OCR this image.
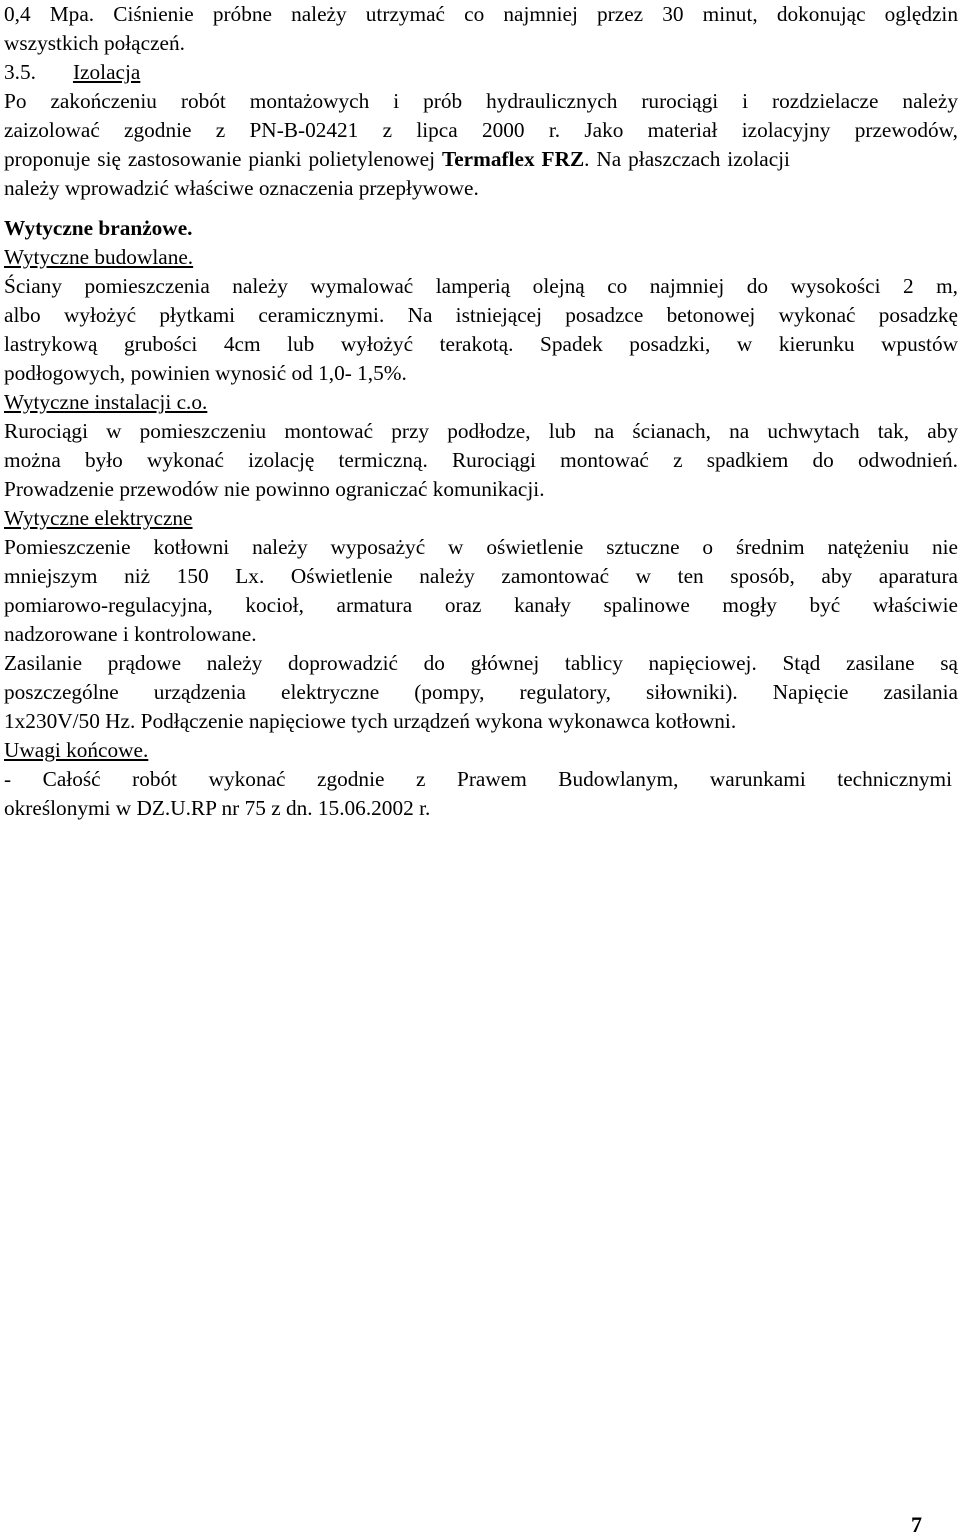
0,4 Mpa. Ciśnienie próbne należy utrzymać co najmniej przez 30 minut, dokonując oględzin
wszystkich połączeń.
3.5. Izolacja
Po zakończeniu robót montażowych i prób hydraulicznych rurociągi i rozdzielacze należy
zaizolować zgodnie z PN-B-02421 z lipca 2000 r. Jako materiał izolacyjny przewodów,
proponuje się zastosowanie pianki polietylenowej Termaflex FRZ. Na płaszczach izolacji
należy wprowadzić właściwe oznaczenia przepływowe.
Wytyczne branżowe.
Wytyczne budowlane.
Ściany pomieszczenia należy wymalować lamperią olejną co najmniej do wysokości 2 m,
albo wyłożyć płytkami ceramicznymi. Na istniejącej posadzce betonowej wykonać posadzkę
lastrykową grubości 4cm lub wyłożyć terakotą. Spadek posadzki, w kierunku wpustów
podłogowych, powinien wynosić od 1,0- 1,5%.
Wytyczne instalacji c.o.
Rurociągi w pomieszczeniu montować przy podłodze, lub na ścianach, na uchwytach tak, aby
można było wykonać izolację termiczną. Rurociągi montować z spadkiem do odwodnień.
Prowadzenie przewodów nie powinno ograniczać komunikacji.
Wytyczne elektryczne
Pomieszczenie kotłowni należy wyposażyć w oświetlenie sztuczne o średnim natężeniu nie
mniejszym niż 150 Lx. Oświetlenie należy zamontować w ten sposób, aby aparatura
pomiarowo-regulacyjna, kocioł, armatura oraz kanały spalinowe mogły być właściwie
nadzorowane i kontrolowane.
Zasilanie prądowe należy doprowadzić do głównej tablicy napięciowej. Stąd zasilane są
poszczególne urządzenia elektryczne (pompy, regulatory, siłowniki). Napięcie zasilania
1x230V/50 Hz. Podłączenie napięciowe tych urządzeń wykona wykonawca kotłowni.
Uwagi końcowe.
- Całość robót wykonać zgodnie z Prawem Budowlanym, warunkami technicznymi
określonymi w DZ.U.RP nr 75 z dn. 15.06.2002 r.
7
